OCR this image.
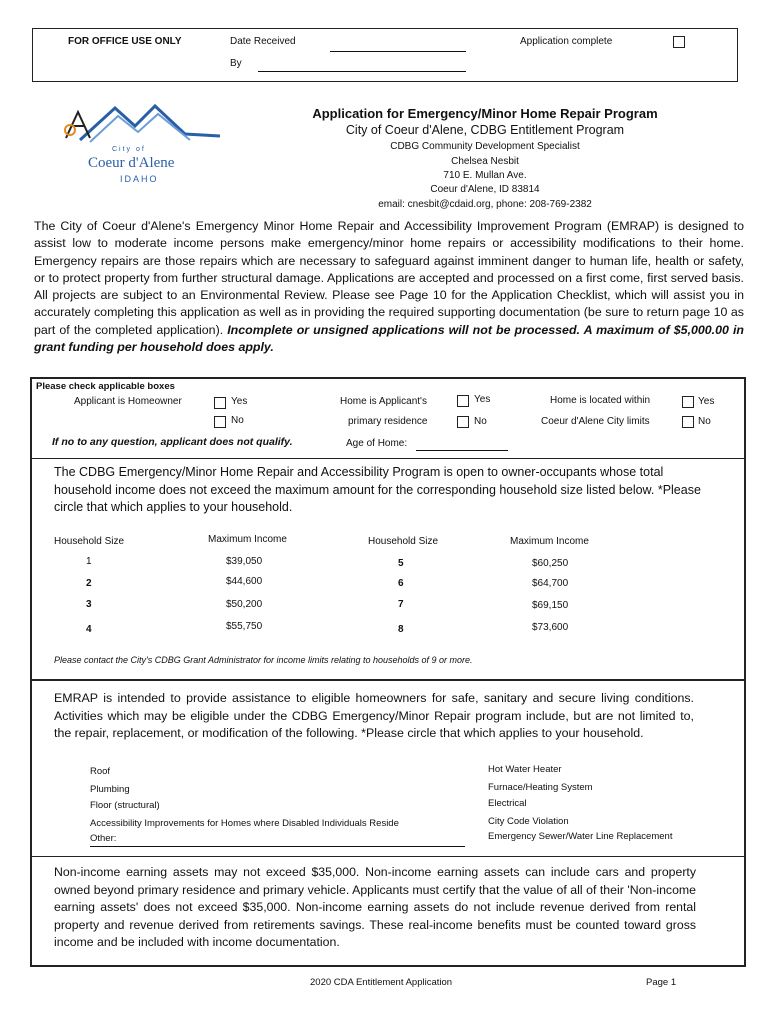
FOR OFFICE USE ONLY	Date Received
By
Application complete
City of
Coeur d'Alene
IDAHO
Application for Emergency/Minor Home Repair Program
City of Coeur d'Alene, CDBG Entitlement Program
CDBG Community Development Specialist
Chelsea Nesbit
710 E. Mullan Ave.
Coeur d'Alene, ID 83814
email: cnesbit@cdaid.org, phone: 208-769-2382
The City of Coeur d'Alene's Emergency Minor Home Repair and Accessibility Improvement Program (EMRAP) is designed to assist low to moderate income persons make emergency/minor home repairs or accessibility modifications to their home. Emergency repairs are those repairs which are necessary to safeguard against imminent danger to human life, health or safety, or to protect property from further structural damage. Applications are accepted and processed on a first come, first served basis. All projects are subject to an Environmental Review. Please see Page 10 for the Application Checklist, which will assist you in accurately completing this application as well as in providing the required supporting documentation (be sure to return page 10 as part of the completed application). Incomplete or unsigned applications will not be processed. A maximum of $5,000.00 in grant funding per household does apply.
Please check applicable boxes
Applicant is Homeowner	Yes
No
Home is Applicant's
primary residence
Yes
No
Home is located within
Coeur d'Alene City limits
Yes
No
If no to any question, applicant does not qualify.	Age of Home:
The CDBG Emergency/Minor Home Repair and Accessibility Program is open to owner-occupants whose total household income does not exceed the maximum amount for the corresponding household size listed below. *Please circle that which applies to your household.
Household Size	Maximum Income	Household Size	Maximum Income
1	$39,050	5	$60,250
2	$44,600	6	$64,700
3	$50,200	7	$69,150
4	$55,750	8	$73,600
Please contact the City's CDBG Grant Administrator for income limits relating to households of 9 or more.
EMRAP is intended to provide assistance to eligible homeowners for safe, sanitary and secure living conditions. Activities which may be eligible under the CDBG Emergency/Minor Repair program include, but are not limited to, the repair, replacement, or modification of the following. *Please circle that which applies to your household.
Roof
Plumbing
Floor (structural)
Accessibility Improvements for Homes where Disabled Individuals Reside
Other:
Hot Water Heater
Furnace/Heating System
Electrical
City Code Violation
Emergency Sewer/Water Line Replacement
Non-income earning assets may not exceed $35,000. Non-income earning assets can include cars and property owned beyond primary residence and primary vehicle. Applicants must certify that the value of all of their 'Non-income earning assets' does not exceed $35,000. Non-income earning assets do not include revenue derived from rental property and revenue derived from retirements savings. These real-income benefits must be counted toward gross income and be included with income documentation.
2020 CDA Entitlement Application	Page 1
